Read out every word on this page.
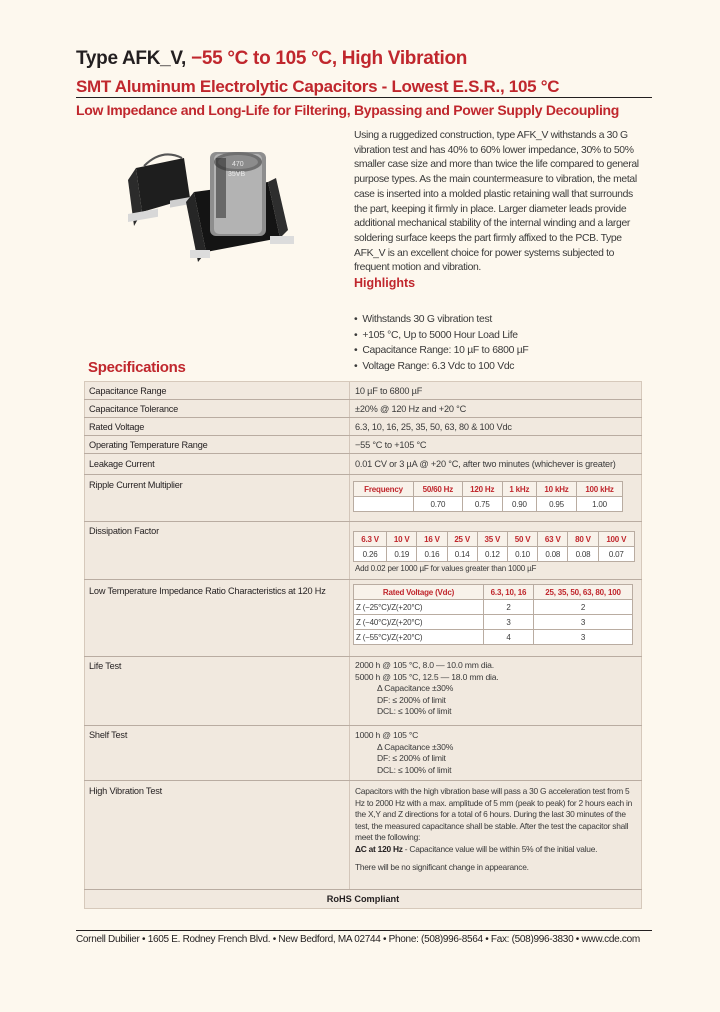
Type AFK_V, −55 °C to 105 °C, High Vibration
SMT Aluminum Electrolytic Capacitors - Lowest E.S.R., 105 °C
Low Impedance and Long-Life for Filtering, Bypassing and Power Supply Decoupling
470
35VB
Using a ruggedized construction, type AFK_V withstands a 30 G vibration test and has 40% to 60% lower impedance, 30% to 50% smaller case size and more than twice the life compared to general purpose types. As the main countermeasure to vibration, the metal case is inserted into a molded plastic retaining wall that surrounds the part, keeping it firmly in place. Larger diameter leads provide additional mechanical stability of the internal winding and a larger soldering surface keeps the part firmly affixed to the PCB. Type AFK_V is an excellent choice for power systems subjected to frequent motion and vibration.
Highlights
• Withstands 30 G vibration test
• +105 °C, Up to 5000 Hour Load Life
• Capacitance Range: 10 µF to 6800 µF
• Voltage Range: 6.3 Vdc to 100 Vdc
Specifications
Capacitance Range	10 µF to 6800 µF
Capacitance Tolerance	±20% @ 120 Hz and +20 °C
Rated Voltage	6.3, 10, 16, 25, 35, 50, 63, 80 & 100 Vdc
Operating Temperature Range	−55 °C to +105 °C
Leakage Current	0.01 CV or 3 µA @ +20 °C, after two minutes (whichever is greater)
Ripple Current Multiplier	Frequency	50/60 Hz	120 Hz	1 kHz	10 kHz	100 kHz
	0.70	0.75	0.90	0.95	1.00
Dissipation Factor
6.3 V	10 V	16 V	25 V	35 V	50 V	63 V	80 V	100 V
0.26	0.19	0.16	0.14	0.12	0.10	0.08	0.08	0.07
Add 0.02 per 1000 µF for values greater than 1000 µF
Low Temperature Impedance Ratio Characteristics at 120 Hz	Rated Voltage (Vdc)	6.3, 10, 16	25, 35, 50, 63, 80, 100
Z (−25°C)/Z(+20°C)	2	2
Z (−40°C)/Z(+20°C)	3	3
Z (−55°C)/Z(+20°C)	4	3
Life Test	2000 h @ 105 °C, 8.0 — 10.0 mm dia.
5000 h @ 105 °C, 12.5 — 18.0 mm dia.
Δ Capacitance ±30%
DF: ≤ 200% of limit
DCL: ≤ 100% of limit
Shelf Test	1000 h @ 105 °C
Δ Capacitance ±30%
DF: ≤ 200% of limit
DCL: ≤ 100% of limit
High Vibration Test	Capacitors with the high vibration base will pass a 30 G acceleration test from 5 Hz to 2000 Hz with a max. amplitude of 5 mm (peak to peak) for 2 hours each in the X,Y and Z directions for a total of 6 hours. During the last 30 minutes of the test, the measured capacitance shall be stable. After the test the capacitor shall meet the following:
ΔC at 120 Hz - Capacitance value will be within 5% of the initial value.
There will be no significant change in appearance.
RoHS Compliant
Cornell Dubilier • 1605 E. Rodney French Blvd. • New Bedford, MA 02744 • Phone: (508)996-8564 • Fax: (508)996-3830 • www.cde.com
